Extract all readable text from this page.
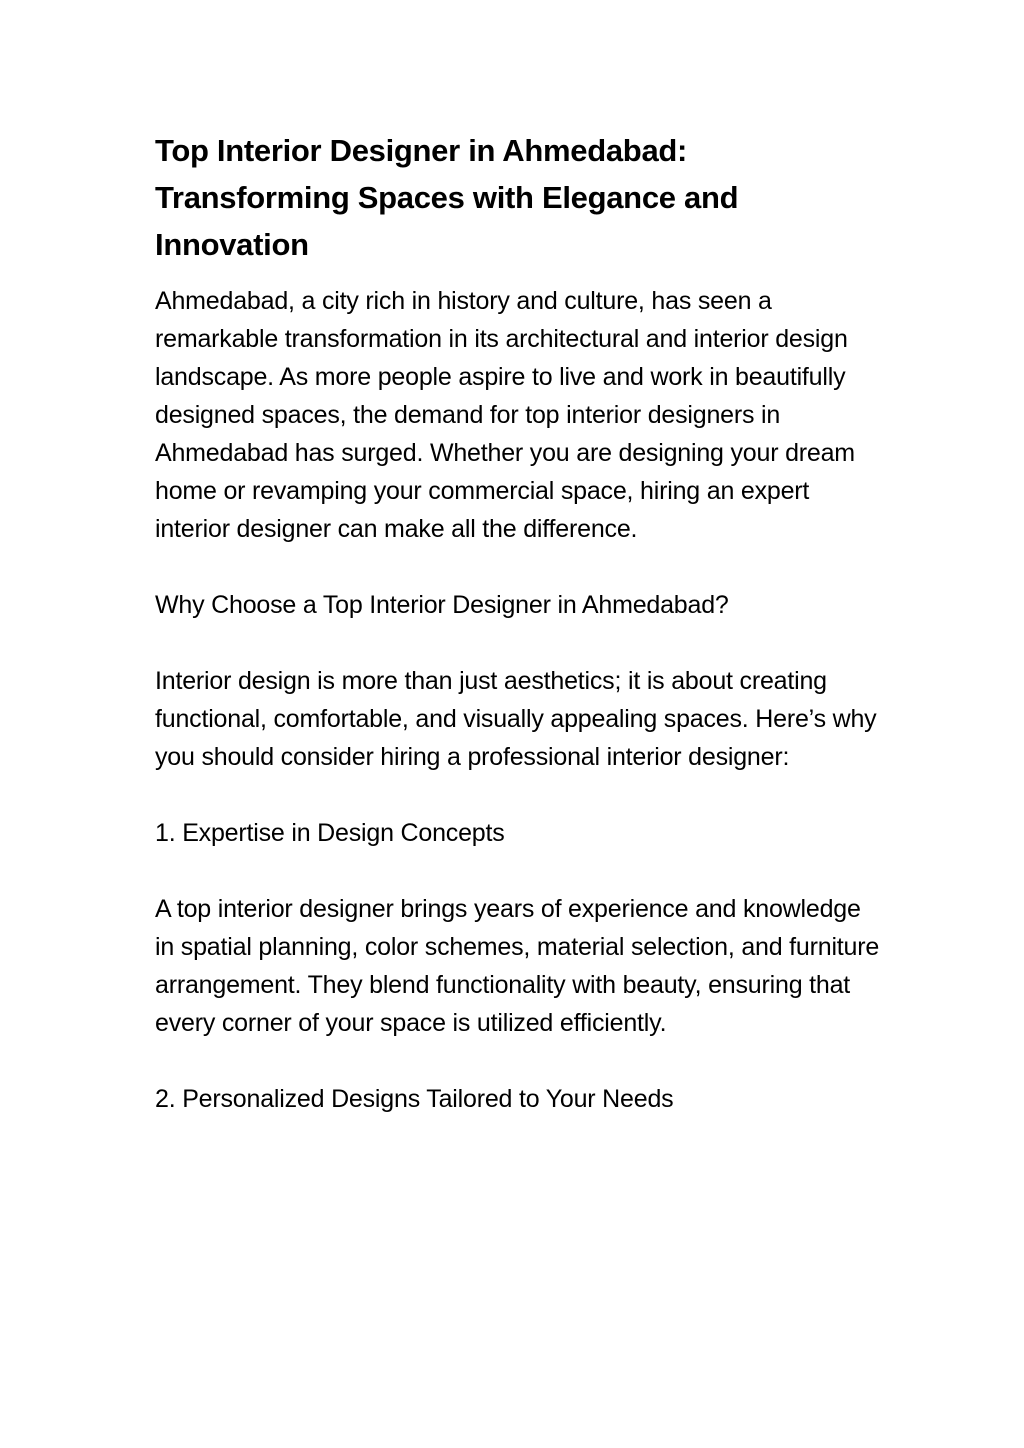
Top Interior Designer in Ahmedabad: Transforming Spaces with Elegance and Innovation

Ahmedabad, a city rich in history and culture, has seen a remarkable transformation in its architectural and interior design landscape. As more people aspire to live and work in beautifully designed spaces, the demand for top interior designers in Ahmedabad has surged. Whether you are designing your dream home or revamping your commercial space, hiring an expert interior designer can make all the difference.

Why Choose a Top Interior Designer in Ahmedabad?

Interior design is more than just aesthetics; it is about creating functional, comfortable, and visually appealing spaces. Here’s why you should consider hiring a professional interior designer:

1. Expertise in Design Concepts

A top interior designer brings years of experience and knowledge in spatial planning, color schemes, material selection, and furniture arrangement. They blend functionality with beauty, ensuring that every corner of your space is utilized efficiently.

2. Personalized Designs Tailored to Your Needs
